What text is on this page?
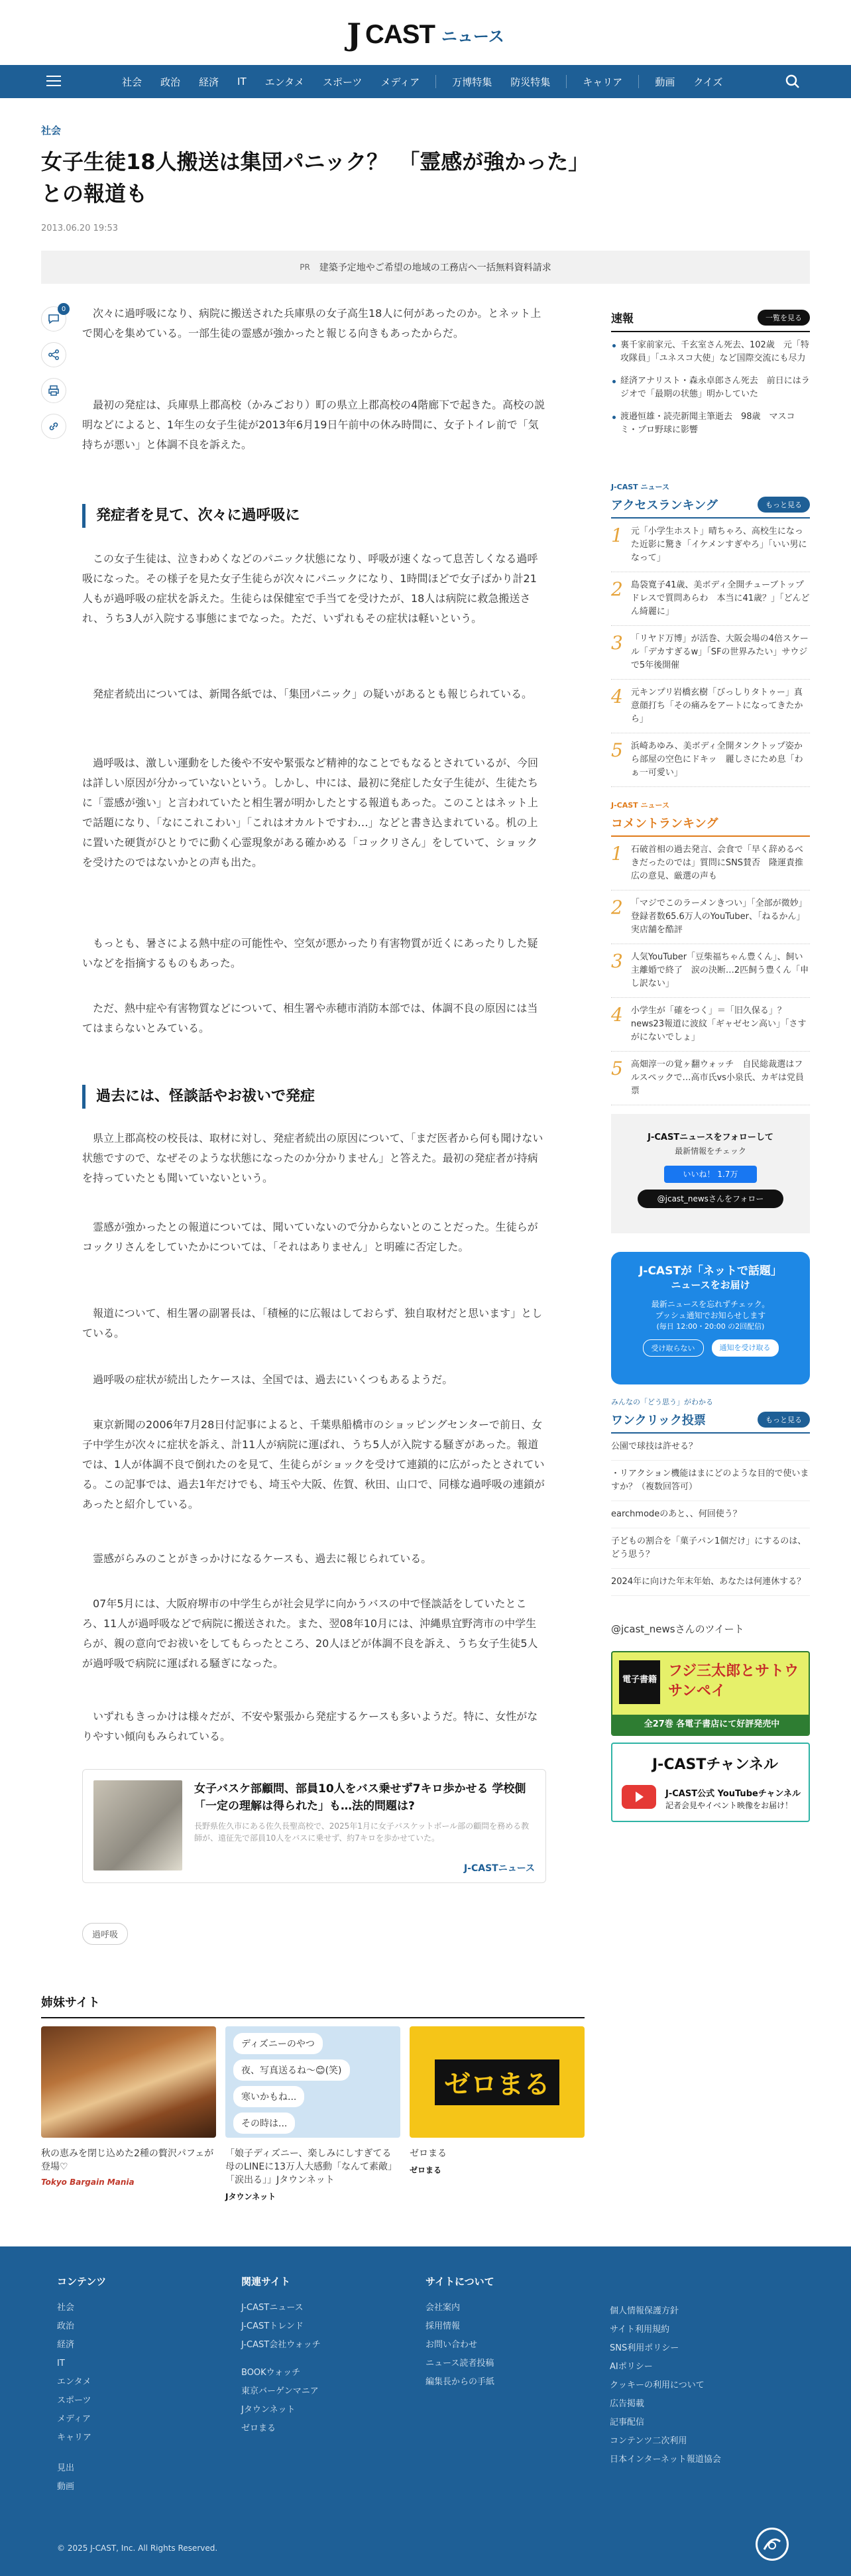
J CAST ニュース
社会	政治	経済	IT	エンタメ	スポーツ	メディア	万博特集	防災特集	キャリア	動画	クイズ
社会
女子生徒18人搬送は集団パニック？　「霊感が強かった」との報道も
2013.06.20 19:53
PR 建築予定地やご希望の地域の工務店へ一括無料資料請求
0	次々に過呼吸になり、病院に搬送された兵庫県の女子高生18人に何があったのか。とネット上で関心を集めている。一部生徒の霊感が強かったと報じる向きもあったからだ。

最初の発症は、兵庫県上郡高校（かみごおり）町の県立上郡高校の4階廊下で起きた。高校の説明などによると、1年生の女子生徒が2013年6月19日午前中の休み時間に、女子トイレ前で「気持ちが悪い」と体調不良を訴えた。

発症者を見て、次々に過呼吸に

この女子生徒は、泣きわめくなどのパニック状態になり、呼吸が速くなって息苦しくなる過呼吸になった。その様子を見た女子生徒らが次々にパニックになり、1時間ほどで女子ばかり計21人もが過呼吸の症状を訴えた。生徒らは保健室で手当てを受けたが、18人は病院に救急搬送され、うち3人が入院する事態にまでなった。ただ、いずれもその症状は軽いという。

発症者続出については、新聞各紙では、「集団パニック」の疑いがあるとも報じられている。

過呼吸は、激しい運動をした後や不安や緊張など精神的なことでもなるとされているが、今回は詳しい原因が分かっていないという。しかし、中には、最初に発症した女子生徒が、生徒たちに「霊感が強い」と言われていたと相生署が明かしたとする報道もあった。このことはネット上で話題になり、「なにこれこわい」「これはオカルトですわ…」などと書き込まれている。机の上に置いた硬貨がひとりでに動く心霊現象がある確かめる「コックリさん」をしていて、ショックを受けたのではないかとの声も出た。

もっとも、暑さによる熱中症の可能性や、空気が悪かったり有害物質が近くにあったりした疑いなどを指摘するものもあった。

ただ、熱中症や有害物質などについて、相生署や赤穂市消防本部では、体調不良の原因には当てはまらないとみている。

過去には、怪談話やお祓いで発症

県立上郡高校の校長は、取材に対し、発症者続出の原因について、「まだ医者から何も聞けない状態ですので、なぜそのような状態になったのか分かりません」と答えた。最初の発症者が持病を持っていたとも聞いていないという。

霊感が強かったとの報道については、聞いていないので分からないとのことだった。生徒らがコックリさんをしていたかについては、「それはありません」と明確に否定した。

報道について、相生署の副署長は、「積極的に広報はしておらず、独自取材だと思います」としている。

過呼吸の症状が続出したケースは、全国では、過去にいくつもあるようだ。

東京新聞の2006年7月28日付記事によると、千葉県船橋市のショッピングセンターで前日、女子中学生が次々に症状を訴え、計11人が病院に運ばれ、うち5人が入院する騒ぎがあった。報道では、1人が体調不良で倒れたのを見て、生徒らがショックを受けて連鎖的に広がったとされている。この記事では、過去1年だけでも、埼玉や大阪、佐賀、秋田、山口で、同様な過呼吸の連鎖があったと紹介している。

霊感がらみのことがきっかけになるケースも、過去に報じられている。

07年5月には、大阪府堺市の中学生らが社会見学に向かうバスの中で怪談話をしていたところ、11人が過呼吸などで病院に搬送された。また、翌08年10月には、沖縄県宜野湾市の中学生らが、親の意向でお祓いをしてもらったところ、20人ほどが体調不良を訴え、うち女子生徒5人が過呼吸で病院に運ばれる騒ぎになった。

いずれもきっかけは様々だが、不安や緊張から発症するケースも多いようだ。特に、女性がなりやすい傾向もみられている。

女子バスケ部顧問、部員10人をバス乗せず7キロ歩かせる 学校側「一定の理解は得られた」も…法的問題は?
長野県佐久市にある佐久長聖高校で、2025年1月に女子バスケットボール部の顧問を務める教師が、遠征先で部員10人をバスに乗せず、約7キロを歩かせていた。
J-CASTニュース
過呼吸
姉妹サイト
秋の恵みを閉じ込めた2種の贅沢パフェが登場♡
Tokyo Bargain Mania
ディズニーのやつ
夜、写真送るね〜😊(笑)
寒いかもね...
その時は...
「娘子ディズニー、楽しみにしすぎてる母のLINEに13万人大感動「なんて素敵」「涙出る」」Jタウンネット
Jタウンネット
ゼロまる
ゼロまる
ゼロまる
速報	一覧を見る
裏千家前家元、千玄室さん死去、102歳　元「特攻隊員」「ユネスコ大使」など国際交流にも尽力
経済アナリスト・森永卓郎さん死去　前日にはラジオで「最期の状態」明かしていた
渡邉恒雄・読売新聞主筆逝去　98歳　マスコミ・プロ野球に影響
J-CAST ニュース
アクセスランキング	もっと見る
1 元「小学生ホスト」晴ちゃろ、高校生になった近影に驚き「イケメンすぎやろ」「いい男になって」
2 島袋寛子41歳、美ボディ全開チューブトップドレスで質問あらわ　本当に41歳？」「どんどん綺麗に」
3 「リヤド万博」が活巻、大阪会場の4倍スケール「デカすぎるw」「SFの世界みたい」サウジで5年後開催
4 元キンプリ岩橋玄樹「びっしりタトゥー」真意顔打ち「その痛みをアートになってきたから」
5 浜崎あゆみ、美ボディ全開タンクトップ姿から部屋の空色にドキッ　麗しさにため息「わぁ一可愛い」
J-CAST ニュース
コメントランキング
1 石破首相の過去発言、会食で「早く辞めるべきだったのでは」質問にSNS賛否　隆運責推広の意見、厳選の声も
2 「マジでこのラーメンきつい」「全部が微妙」登録者数65.6万人のYouTuber、「ねるかん」実店舗を酷評
3 人気YouTuber「豆柴福ちゃん豊くん」、飼い主離婚で終了　涙の決断…2匹飼う豊くん「申し訳ない」
4 小学生が「確をつく」＝「旧久保る」？　news23報道に波紋「ギャゼセン高い」「さすがにないでしょ」
5 高畑淳一の覚ヶ翻ウォッチ　自民総裁選はフルスペックで…高市氏vs小泉氏、カギは党員票
J-CASTニュースをフォローして
最新情報をチェック
いいね！ 1.7万
@jcast_newsさんをフォロー
J-CASTが「ネットで話題」
ニュースをお届け
最新ニュースを忘れずチェック。
プッシュ通知でお知らせします
(毎日 12:00・20:00 の2回配信)
受け取らない	通知を受け取る
みんなの「どう思う」がわかる
ワンクリック投票	もっと見る
公園で球技は許せる？
・リアクション機能はまにどのような目的で使いますか？（複数回答可）
earchmodeのあと、、何回使う？
子どもの割合を「菓子パン1個だけ」にするのは、どう思う？
2024年に向けた年末年始、あなたは何連休する？
@jcast_newsさんのツイート
電子書籍
フジ三太郎とサトウサンペイ
全27巻 各電子書店にて好評発売中
J-CASTチャンネル
J-CAST公式 YouTubeチャンネル
記者会見やイベント映像をお届け！
コンテンツ
社会
政治
経済
IT
エンタメ
スポーツ
メディア
キャリア
見出
動画
関連サイト
J-CASTニュース
J-CASTトレンド
J-CAST会社ウォッチ
BOOKウォッチ
東京バーゲンマニア
Jタウンネット
ゼロまる
サイトについて
会社案内
採用情報
お問い合わせ
ニュース読者投稿
編集長からの手紙
個人情報保護方針
サイト利用規約
SNS利用ポリシー
AIポリシー
クッキーの利用について
広告掲載
記事配信
コンテンツ二次利用
日本インターネット報道協会
© 2025 J-CAST, Inc. All Rights Reserved.
